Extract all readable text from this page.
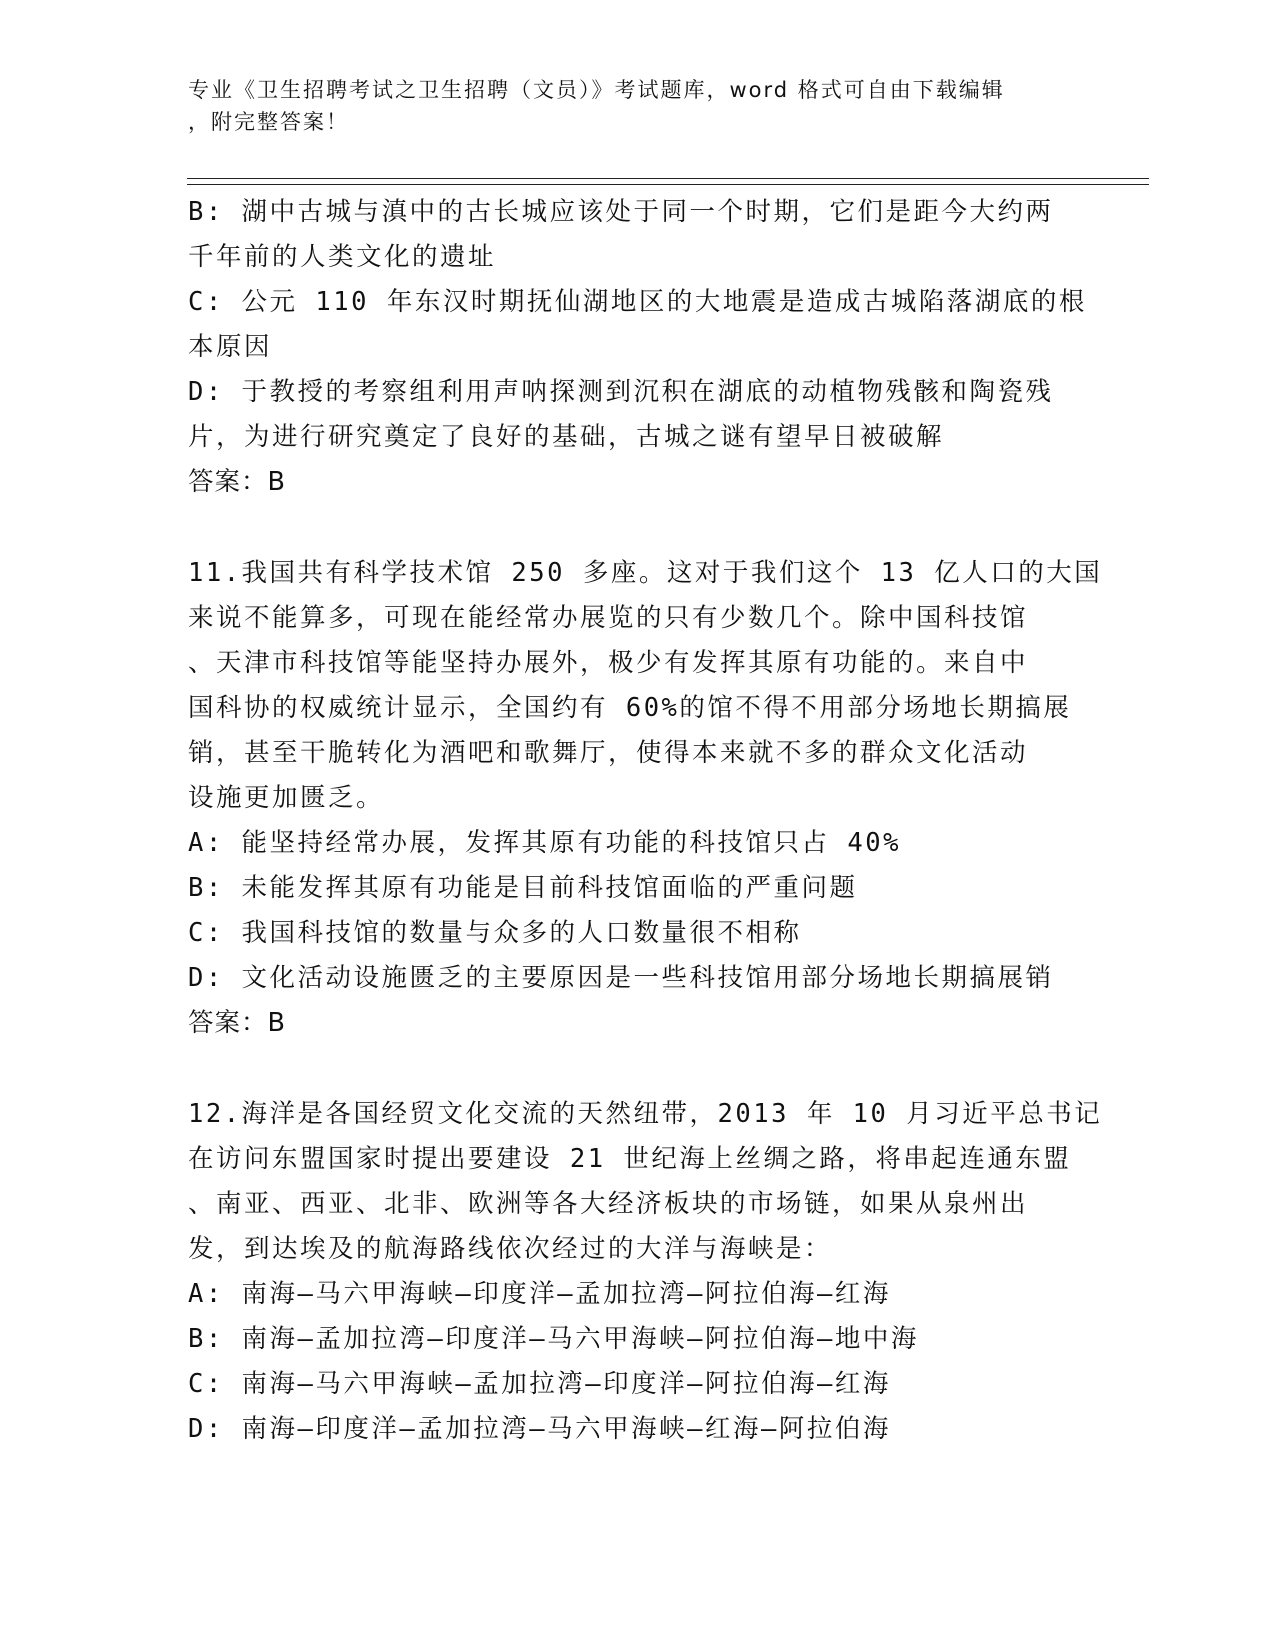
专业《卫生招聘考试之卫生招聘（文员）》考试题库，word 格式可自由下载编辑
，附完整答案！
B: 湖中古城与滇中的古长城应该处于同一个时期，它们是距今大约两
千年前的人类文化的遗址
C: 公元 110 年东汉时期抚仙湖地区的大地震是造成古城陷落湖底的根
本原因
D: 于教授的考察组利用声呐探测到沉积在湖底的动植物残骸和陶瓷残
片，为进行研究奠定了良好的基础，古城之谜有望早日被破解
答案：B
11.我国共有科学技术馆 250 多座。这对于我们这个 13 亿人口的大国
来说不能算多，可现在能经常办展览的只有少数几个。除中国科技馆
、天津市科技馆等能坚持办展外，极少有发挥其原有功能的。来自中
国科协的权威统计显示，全国约有 60%的馆不得不用部分场地长期搞展
销，甚至干脆转化为酒吧和歌舞厅，使得本来就不多的群众文化活动
设施更加匮乏。
A: 能坚持经常办展，发挥其原有功能的科技馆只占 40%
B: 未能发挥其原有功能是目前科技馆面临的严重问题
C: 我国科技馆的数量与众多的人口数量很不相称
D: 文化活动设施匮乏的主要原因是一些科技馆用部分场地长期搞展销
答案：B
12.海洋是各国经贸文化交流的天然纽带，2013 年 10 月习近平总书记
在访问东盟国家时提出要建设 21 世纪海上丝绸之路，将串起连通东盟
、南亚、西亚、北非、欧洲等各大经济板块的市场链，如果从泉州出
发，到达埃及的航海路线依次经过的大洋与海峡是：
A: 南海—马六甲海峡—印度洋—孟加拉湾—阿拉伯海—红海
B: 南海—孟加拉湾—印度洋—马六甲海峡—阿拉伯海—地中海
C: 南海—马六甲海峡—孟加拉湾—印度洋—阿拉伯海—红海
D: 南海—印度洋—孟加拉湾—马六甲海峡—红海—阿拉伯海
